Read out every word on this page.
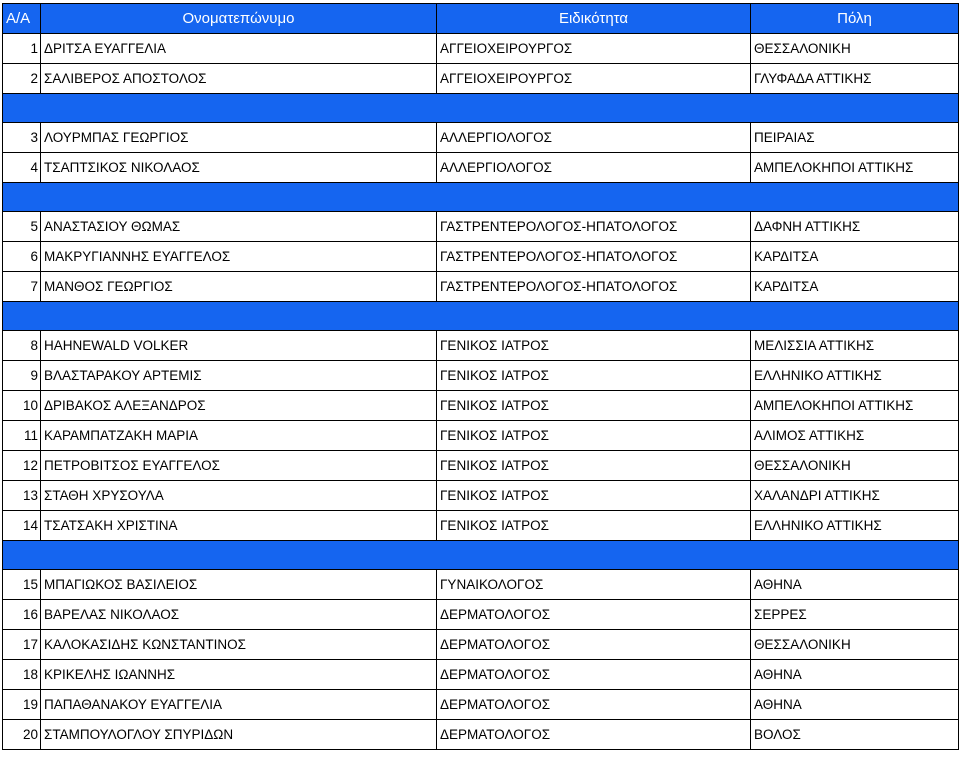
Α/Α	Ονοματεπώνυμο	Ειδικότητα	Πόλη
1	ΔΡΙΤΣΑ ΕΥΑΓΓΕΛΙΑ	ΑΓΓΕΙΟΧΕΙΡΟΥΡΓΟΣ	ΘΕΣΣΑΛΟΝΙΚΗ
2	ΣΑΛΙΒΕΡΟΣ ΑΠΟΣΤΟΛΟΣ	ΑΓΓΕΙΟΧΕΙΡΟΥΡΓΟΣ	ΓΛΥΦΑΔΑ ΑΤΤΙΚΗΣ

3	ΛΟΥΡΜΠΑΣ ΓΕΩΡΓΙΟΣ	ΑΛΛΕΡΓΙΟΛΟΓΟΣ	ΠΕΙΡΑΙΑΣ
4	ΤΣΑΠΤΣΙΚΟΣ ΝΙΚΟΛΑΟΣ	ΑΛΛΕΡΓΙΟΛΟΓΟΣ	ΑΜΠΕΛΟΚΗΠΟΙ ΑΤΤΙΚΗΣ

5	ΑΝΑΣΤΑΣΙΟΥ ΘΩΜΑΣ	ΓΑΣΤΡΕΝΤΕΡΟΛΟΓΟΣ-ΗΠΑΤΟΛΟΓΟΣ	ΔΑΦΝΗ ΑΤΤΙΚΗΣ
6	ΜΑΚΡΥΓΙΑΝΝΗΣ ΕΥΑΓΓΕΛΟΣ	ΓΑΣΤΡΕΝΤΕΡΟΛΟΓΟΣ-ΗΠΑΤΟΛΟΓΟΣ	ΚΑΡΔΙΤΣΑ
7	ΜΑΝΘΟΣ ΓΕΩΡΓΙΟΣ	ΓΑΣΤΡΕΝΤΕΡΟΛΟΓΟΣ-ΗΠΑΤΟΛΟΓΟΣ	ΚΑΡΔΙΤΣΑ

8	HAHNEWALD VOLKER	ΓΕΝΙΚΟΣ ΙΑΤΡΟΣ	ΜΕΛΙΣΣΙΑ ΑΤΤΙΚΗΣ
9	ΒΛΑΣΤΑΡΑΚΟΥ ΑΡΤΕΜΙΣ	ΓΕΝΙΚΟΣ ΙΑΤΡΟΣ	ΕΛΛΗΝΙΚΟ ΑΤΤΙΚΗΣ
10	ΔΡΙΒΑΚΟΣ ΑΛΕΞΑΝΔΡΟΣ	ΓΕΝΙΚΟΣ ΙΑΤΡΟΣ	ΑΜΠΕΛΟΚΗΠΟΙ ΑΤΤΙΚΗΣ
11	ΚΑΡΑΜΠΑΤΖΑΚΗ ΜΑΡΙΑ	ΓΕΝΙΚΟΣ ΙΑΤΡΟΣ	ΑΛΙΜΟΣ ΑΤΤΙΚΗΣ
12	ΠΕΤΡΟΒΙΤΣΟΣ ΕΥΑΓΓΕΛΟΣ	ΓΕΝΙΚΟΣ ΙΑΤΡΟΣ	ΘΕΣΣΑΛΟΝΙΚΗ
13	ΣΤΑΘΗ ΧΡΥΣΟΥΛΑ	ΓΕΝΙΚΟΣ ΙΑΤΡΟΣ	ΧΑΛΑΝΔΡΙ ΑΤΤΙΚΗΣ
14	ΤΣΑΤΣΑΚΗ ΧΡΙΣΤΙΝΑ	ΓΕΝΙΚΟΣ ΙΑΤΡΟΣ	ΕΛΛΗΝΙΚΟ ΑΤΤΙΚΗΣ

15	ΜΠΑΓΙΩΚΟΣ ΒΑΣΙΛΕΙΟΣ	ΓΥΝΑΙΚΟΛΟΓΟΣ	ΑΘΗΝΑ
16	ΒΑΡΕΛΑΣ ΝΙΚΟΛΑΟΣ	ΔΕΡΜΑΤΟΛΟΓΟΣ	ΣΕΡΡΕΣ
17	ΚΑΛΟΚΑΣΙΔΗΣ ΚΩΝΣΤΑΝΤΙΝΟΣ	ΔΕΡΜΑΤΟΛΟΓΟΣ	ΘΕΣΣΑΛΟΝΙΚΗ
18	ΚΡΙΚΕΛΗΣ ΙΩΑΝΝΗΣ	ΔΕΡΜΑΤΟΛΟΓΟΣ	ΑΘΗΝΑ
19	ΠΑΠΑΘΑΝΑΚΟΥ ΕΥΑΓΓΕΛΙΑ	ΔΕΡΜΑΤΟΛΟΓΟΣ	ΑΘΗΝΑ
20	ΣΤΑΜΠΟΥΛΟΓΛΟΥ ΣΠΥΡΙΔΩΝ	ΔΕΡΜΑΤΟΛΟΓΟΣ	ΒΟΛΟΣ
